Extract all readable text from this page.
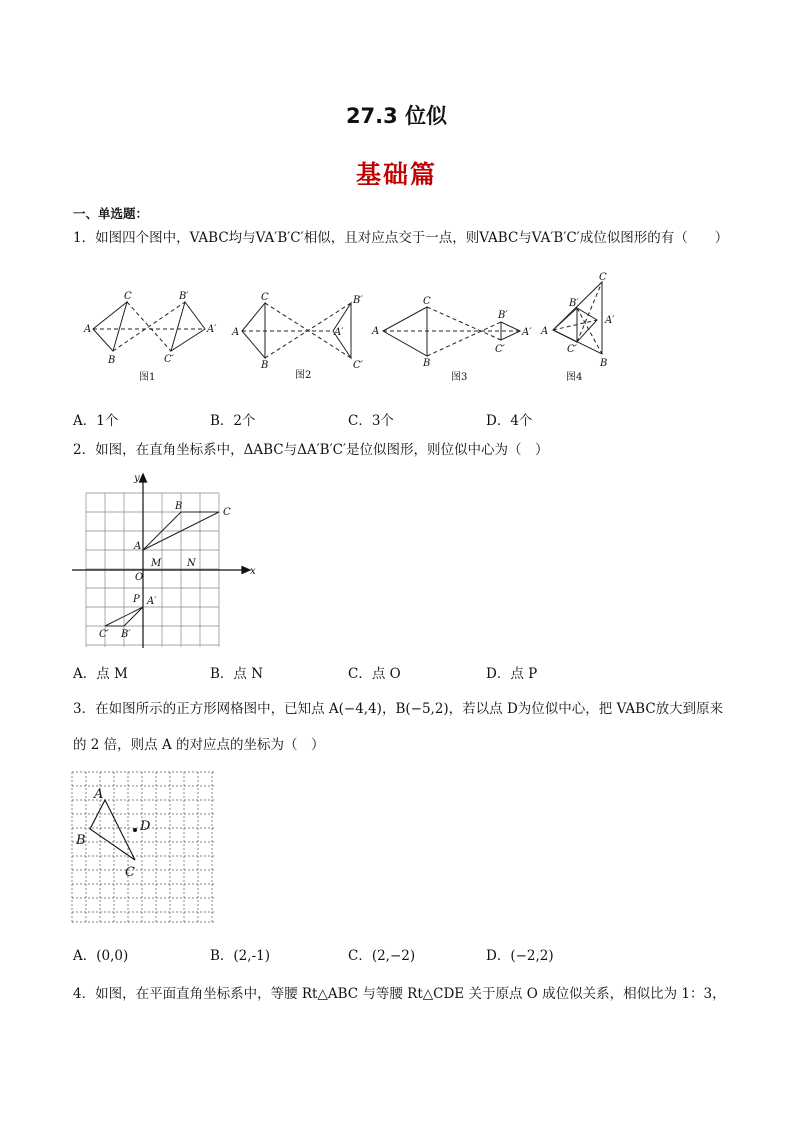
27.3 位似
基础篇
一、单选题：
1．如图四个图中，VABC均与VA′B′C′相似，且对应点交于一点，则VABC与VA′B′C′成位似图形的有（　　）
A
C
B
B′
A′
C′
A
C
B
B′
A′
C′
A
C
B
B′
A′
C′
A
C
B′
A′
C′
B
图1	图2	图3	图4
A．1个	B．2个	C．3个	D．4个
2．如图，在直角坐标系中，ΔABC与ΔA′B′C′是位似图形，则位似中心为（　）
x
y
O
M	N
B
C
A
P A′
C′ B′
A．点 M	B．点 N	C．点 O	D．点 P
3．在如图所示的正方形网格图中，已知点 A(−4,4)，B(−5,2)，若以点 D为位似中心，把 VABC放大到原来
的 2 倍，则点 A 的对应点的坐标为（　）
A
B
D
C
A．(0,0)	B．(2,-1)	C．(2,−2)	D．(−2,2)
4．如图，在平面直角坐标系中，等腰 Rt△ABC 与等腰 Rt△CDE 关于原点 O 成位似关系，相似比为 1：3，
